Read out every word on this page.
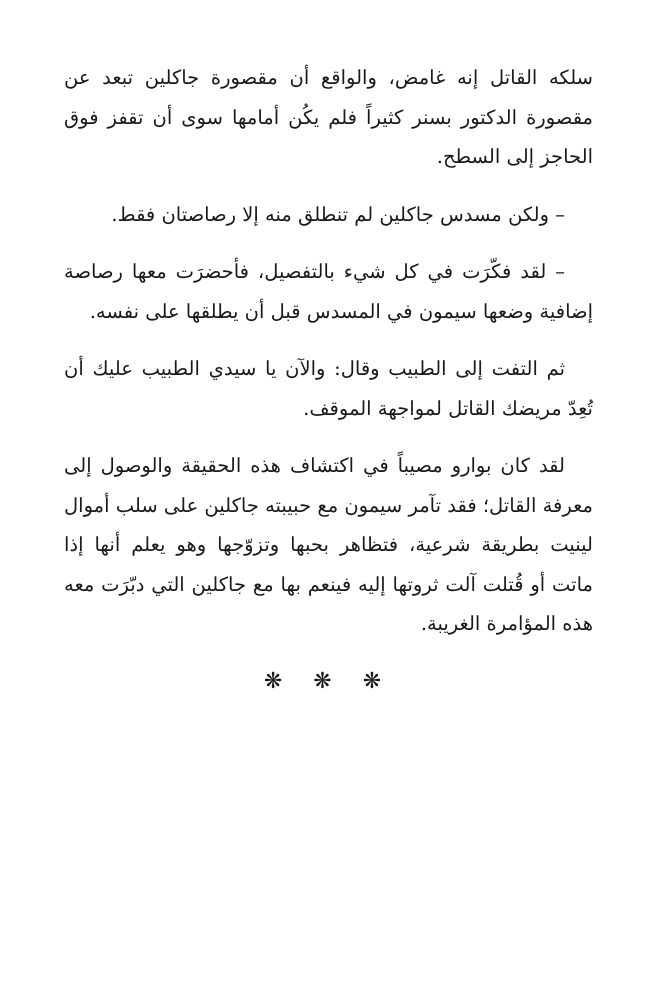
سلكه القاتل إنه غامض، والواقع أن مقصورة جاكلين تبعد عن مقصورة الدكتور بسنر كثيراً فلم يكُن أمامها سوى أن تقفز فوق الحاجز إلى السطح.

– ولكن مسدس جاكلين لم تنطلق منه إلا رصاصتان فقط.

– لقد فكّرَت في كل شيء بالتفصيل، فأحضرَت معها رصاصة إضافية وضعها سيمون في المسدس قبل أن يطلقها على نفسه.

ثم التفت إلى الطبيب وقال: والآن يا سيدي الطبيب عليك أن تُعِدّ مريضك القاتل لمواجهة الموقف.

لقد كان بوارو مصيباً في اكتشاف هذه الحقيقة والوصول إلى معرفة القاتل؛ فقد تآمر سيمون مع حبيبته جاكلين على سلب أموال لينيت بطريقة شرعية، فتظاهر بحبها وتزوّجها وهو يعلم أنها إذا ماتت أو قُتلت آلت ثروتها إليه فينعم بها مع جاكلين التي دبّرَت معه هذه المؤامرة الغريبة.

❋ ❋ ❋
